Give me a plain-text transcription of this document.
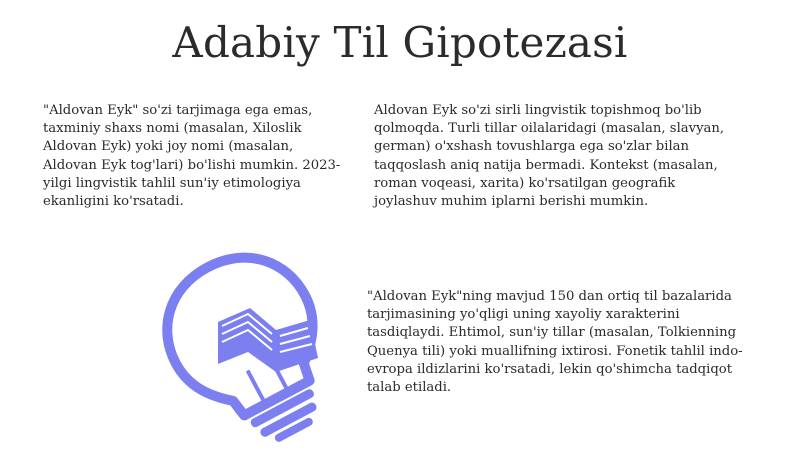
Adabiy Til Gipotezasi
"Aldovan Eyk" so'zi tarjimaga ega emas, taxminiy shaxs nomi (masalan, Xiloslik Aldovan Eyk) yoki joy nomi (masalan, Aldovan Eyk tog'lari) bo'lishi mumkin. 2023-yilgi lingvistik tahlil sun'iy etimologiya ekanligini ko'rsatadi.
Aldovan Eyk so'zi sirli lingvistik topishmoq bo'lib qolmoqda. Turli tillar oilalaridagi (masalan, slavyan, german) o'xshash tovushlarga ega so'zlar bilan taqqoslash aniq natija bermadi. Kontekst (masalan, roman voqeasi, xarita) ko'rsatilgan geografik joylashuv muhim iplarni berishi mumkin.
"Aldovan Eyk"ning mavjud 150 dan ortiq til bazalarida tarjimasining yo'qligi uning xayoliy xarakterini tasdiqlaydi. Ehtimol, sun'iy tillar (masalan, Tolkienning Quenya tili) yoki muallifning ixtirosi. Fonetik tahlil indo-evropa ildizlarini ko'rsatadi, lekin qo'shimcha tadqiqot talab etiladi.
